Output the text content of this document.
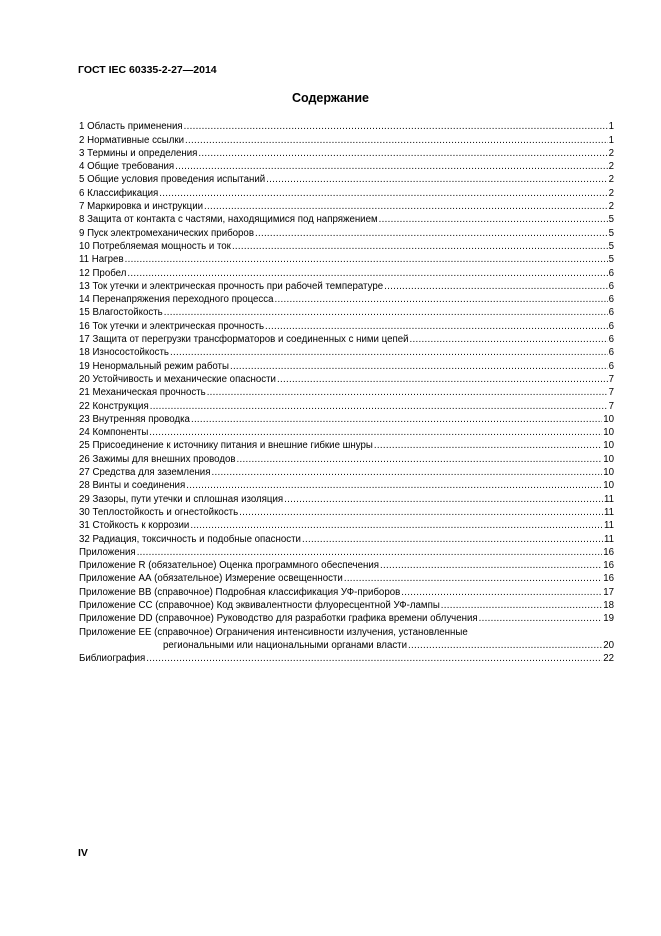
ГОСТ IEC 60335-2-27—2014
Содержание
1 Область применения .....	1
2 Нормативные ссылки .....	1
3 Термины и определения .....	2
4 Общие требования .....	2
5 Общие условия проведения испытаний .....	2
6 Классификация .....	2
7 Маркировка и инструкции .....	2
8 Защита от контакта с частями, находящимися под напряжением .....	5
9 Пуск электромеханических приборов .....	5
10 Потребляемая мощность и ток .....	5
11 Нагрев .....	5
12 Пробел .....	6
13 Ток утечки и электрическая прочность при рабочей температуре .....	6
14 Перенапряжения переходного процесса .....	6
15 Влагостойкость .....	6
16 Ток утечки и электрическая прочность .....	6
17 Защита от перегрузки трансформаторов и соединенных с ними цепей .....	6
18 Износостойкость .....	6
19 Ненормальный режим работы .....	6
20 Устойчивость и механические опасности .....	7
21 Механическая прочность .....	7
22 Конструкция .....	7
23 Внутренняя проводка .....	10
24 Компоненты .....	10
25 Присоединение к источнику питания и внешние гибкие шнуры .....	10
26 Зажимы для внешних проводов .....	10
27 Средства для заземления .....	10
28 Винты и соединения .....	10
29 Зазоры, пути утечки и сплошная изоляция .....	11
30 Теплостойкость и огнестойкость .....	11
31 Стойкость к коррозии .....	11
32 Радиация, токсичность и подобные опасности .....	11
Приложения .....	16
Приложение R (обязательное) Оценка программного обеспечения .....	16
Приложение АА (обязательное) Измерение освещенности .....	16
Приложение ВВ (справочное) Подробная классификация УФ-приборов .....	17
Приложение СС (справочное) Код эквивалентности флуоресцентной УФ-лампы .....	18
Приложение DD (справочное) Руководство для разработки графика времени облучения .....	19
Приложение ЕЕ (справочное) Ограничения интенсивности излучения, установленные
региональными или национальными органами власти .....	20
Библиография .....	22
IV
